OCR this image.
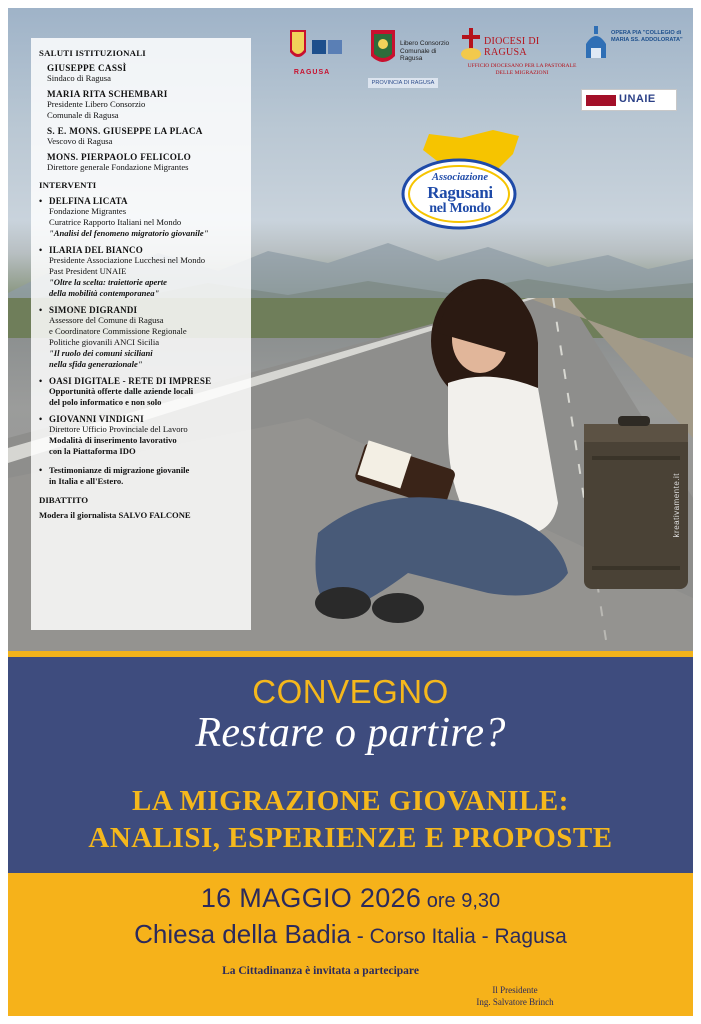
kreativamente.it
RAGUSA
Libero Consorzio Comunale di Ragusa
PROVINCIA DI RAGUSA
DIOCESI DI RAGUSA
UFFICIO DIOCESANO PER LA PASTORALE DELLE MIGRAZIONI
OPERA PIA "COLLEGIO di MARIA SS. ADDOLORATA"
UNAIE
Associazione
Ragusani
nel Mondo
SALUTI ISTITUZIONALI
GIUSEPPE CASSÌ
Sindaco di Ragusa
MARIA RITA SCHEMBARI
Presidente Libero Consorzio
Comunale di Ragusa
S. E. MONS. GIUSEPPE LA PLACA
Vescovo di Ragusa
MONS. PIERPAOLO FELICOLO
Direttore generale Fondazione Migrantes
INTERVENTI
• DELFINA LICATA
Fondazione Migrantes
Curatrice Rapporto Italiani nel Mondo
"Analisi del fenomeno migratorio giovanile"
• ILARIA DEL BIANCO
Presidente Associazione Lucchesi nel Mondo
Past President UNAIE
"Oltre la scelta: traiettorie aperte
della mobilità contemporanea"
• SIMONE DIGRANDI
Assessore del Comune di Ragusa
e Coordinatore Commissione Regionale
Politiche giovanili ANCI Sicilia
"Il ruolo dei comuni siciliani
nella sfida generazionale"
• OASI DIGITALE - RETE DI IMPRESE
Opportunità offerte dalle aziende locali
del polo informatico e non solo
• GIOVANNI VINDIGNI
Direttore Ufficio Provinciale del Lavoro
Modalità di inserimento lavorativo
con la Piattaforma IDO
• Testimonianze di migrazione giovanile
in Italia e all'Estero.
DIBATTITO
Modera il giornalista SALVO FALCONE
CONVEGNO
Restare o partire?
LA MIGRAZIONE GIOVANILE:
ANALISI, ESPERIENZE E PROPOSTE
16 MAGGIO 2026 ore 9,30
Chiesa della Badia - Corso Italia - Ragusa
La Cittadinanza è invitata a partecipare
Il Presidente
Ing. Salvatore Brinch
